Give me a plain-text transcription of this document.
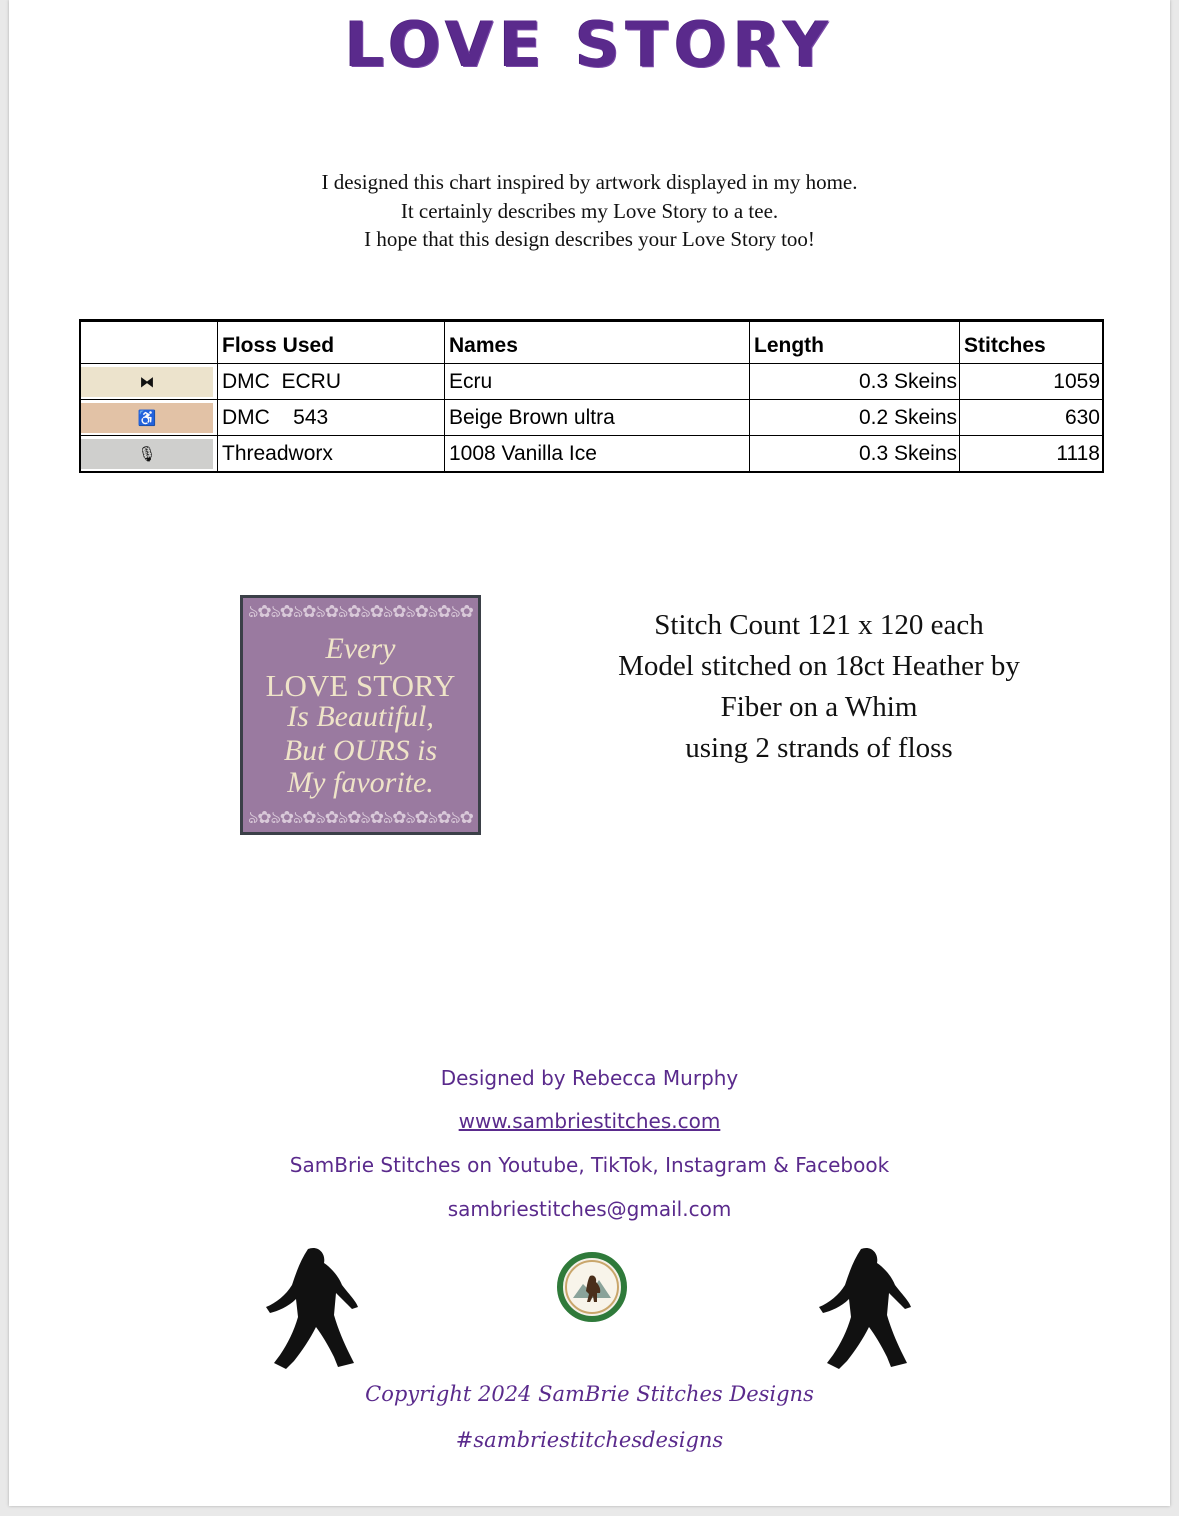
LOVE STORY
I designed this chart inspired by artwork displayed in my home.
It certainly describes my Love Story to a tee.
I hope that this design describes your Love Story too!
	Floss Used	Names	Length	Stitches

⧓	DMC  ECRU	Ecru	0.3 Skeins	1059

♿	DMC    543	Beige Brown ultra	0.2 Skeins	630

🎙	Threadworx	1008 Vanilla Ice	0.3 Skeins	1118
ঌ✿ঌ✿ঌ✿ঌ✿ঌ✿ঌ✿ঌ✿ঌ✿ঌ✿ঌ✿
Every
LOVE STORY
Is Beautiful,
But OURS is
My favorite.
ঌ✿ঌ✿ঌ✿ঌ✿ঌ✿ঌ✿ঌ✿ঌ✿ঌ✿ঌ✿
Stitch Count 121 x 120 each
Model stitched on 18ct Heather by
Fiber on a Whim
using 2 strands of floss
Designed by Rebecca Murphy
www.sambriestitches.com
SamBrie Stitches on Youtube, TikTok, Instagram & Facebook
sambriestitches@gmail.com
Copyright 2024 SamBrie Stitches Designs
#sambriestitchesdesigns
